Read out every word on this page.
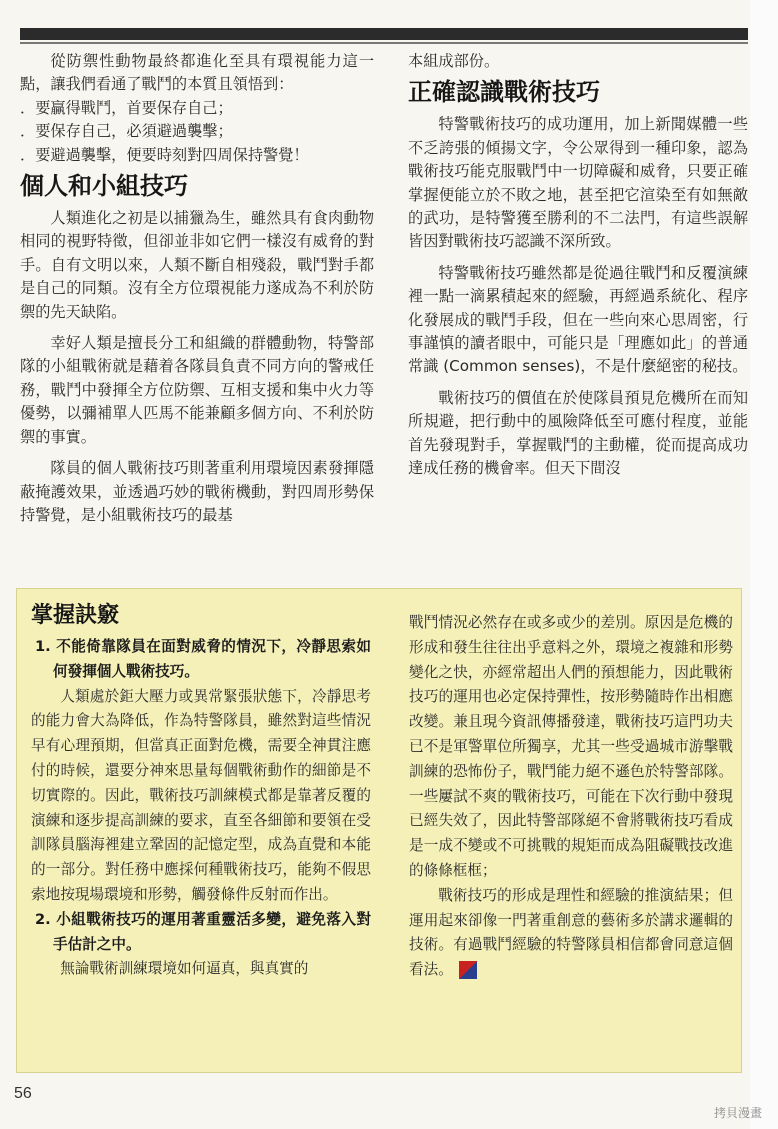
從防禦性動物最終都進化至具有環視能力這一點，讓我們看通了戰鬥的本質且領悟到：

．要贏得戰鬥，首要保存自己；

．要保存自己，必須避過襲擊；

．要避過襲擊，便要時刻對四周保持警覺！

個人和小組技巧

人類進化之初是以捕獵為生，雖然具有食肉動物相同的視野特徵，但卻並非如它們一樣沒有威脅的對手。自有文明以來，人類不斷自相殘殺，戰鬥對手都是自己的同類。沒有全方位環視能力遂成為不利於防禦的先天缺陷。

幸好人類是擅長分工和組織的群體動物，特警部隊的小組戰術就是藉着各隊員負責不同方向的警戒任務，戰鬥中發揮全方位防禦、互相支援和集中火力等優勢，以彌補單人匹馬不能兼顧多個方向、不利於防禦的事實。

隊員的個人戰術技巧則著重利用環境因素發揮隱蔽掩護效果，並透過巧妙的戰術機動，對四周形勢保持警覺，是小組戰術技巧的最基

本組成部份。

正確認識戰術技巧

特警戰術技巧的成功運用，加上新聞媒體一些不乏誇張的傾揚文字，令公眾得到一種印象，認為戰術技巧能克服戰鬥中一切障礙和威脅，只要正確掌握便能立於不敗之地，甚至把它渲染至有如無敵的武功，是特警獲至勝利的不二法門，有這些誤解皆因對戰術技巧認識不深所致。

特警戰術技巧雖然都是從過往戰鬥和反覆演練裡一點一滴累積起來的經驗，再經過系統化、程序化發展成的戰鬥手段，但在一些向來心思周密，行事謹慎的讀者眼中，可能只是「理應如此」的普通常識 (Common senses)，不是什麼絕密的秘技。

戰術技巧的價值在於使隊員預見危機所在而知所規避，把行動中的風險降低至可應付程度，並能首先發現對手，掌握戰鬥的主動權，從而提高成功達成任務的機會率。但天下間沒

掌握訣竅

1. 不能倚靠隊員在面對威脅的情況下，冷靜思索如何發揮個人戰術技巧。

人類處於鉅大壓力或異常緊張狀態下，冷靜思考的能力會大為降低，作為特警隊員，雖然對這些情況早有心理預期，但當真正面對危機，需要全神貫注應付的時候，還要分神來思量每個戰術動作的細節是不切實際的。因此，戰術技巧訓練模式都是靠著反覆的演練和逐步提高訓練的要求，直至各細節和要領在受訓隊員腦海裡建立鞏固的記憶定型，成為直覺和本能的一部分。對任務中應採何種戰術技巧，能夠不假思索地按現場環境和形勢，觸發條件反射而作出。

2. 小組戰術技巧的運用著重靈活多變，避免落入對手估計之中。

無論戰術訓練環境如何逼真，與真實的

戰鬥情況必然存在或多或少的差別。原因是危機的形成和發生往往出乎意料之外，環境之複雜和形勢變化之快，亦經常超出人們的預想能力，因此戰術技巧的運用也必定保持彈性，按形勢隨時作出相應改變。兼且現今資訊傳播發達，戰術技巧這門功夫已不是軍警單位所獨享，尤其一些受過城市游擊戰訓練的恐怖份子，戰鬥能力絕不遜色於特警部隊。一些屢試不爽的戰術技巧，可能在下次行動中發現已經失效了，因此特警部隊絕不會將戰術技巧看成是一成不變或不可挑戰的規矩而成為阻礙戰技改進的條條框框；

戰術技巧的形成是理性和經驗的推演結果；但運用起來卻像一門著重創意的藝術多於講求邏輯的技術。有過戰鬥經驗的特警隊員相信都會同意這個看法。

56
拷貝漫畫
